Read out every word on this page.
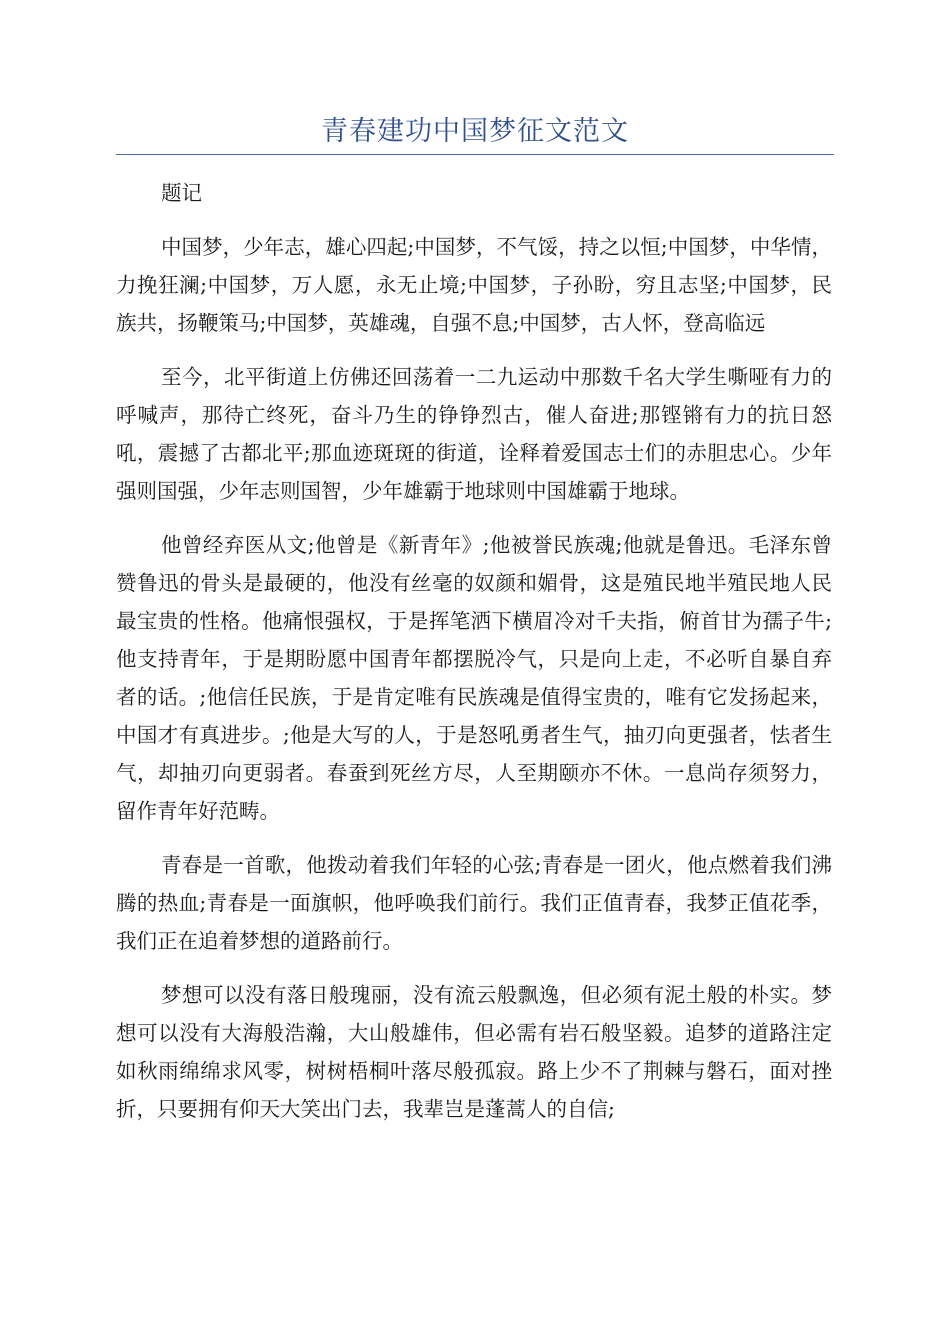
青春建功中国梦征文范文

题记

中国梦，少年志，雄心四起;中国梦，不气馁，持之以恒;中国梦，中华情，力挽狂澜;中国梦，万人愿，永无止境;中国梦，子孙盼，穷且志坚;中国梦，民族共，扬鞭策马;中国梦，英雄魂，自强不息;中国梦，古人怀，登高临远

至今，北平街道上仿佛还回荡着一二九运动中那数千名大学生嘶哑有力的呼喊声，那待亡终死，奋斗乃生的铮铮烈古，催人奋进;那铿锵有力的抗日怒吼，震撼了古都北平;那血迹斑斑的街道，诠释着爱国志士们的赤胆忠心。少年强则国强，少年志则国智，少年雄霸于地球则中国雄霸于地球。

他曾经弃医从文;他曾是《新青年》;他被誉民族魂;他就是鲁迅。毛泽东曾赞鲁迅的骨头是最硬的，他没有丝毫的奴颜和媚骨，这是殖民地半殖民地人民最宝贵的性格。他痛恨强权，于是挥笔洒下横眉冷对千夫指，俯首甘为孺子牛;他支持青年，于是期盼愿中国青年都摆脱冷气，只是向上走，不必听自暴自弃者的话。;他信任民族，于是肯定唯有民族魂是值得宝贵的，唯有它发扬起来，中国才有真进步。;他是大写的人，于是怒吼勇者生气，抽刃向更强者，怯者生气，却抽刃向更弱者。春蚕到死丝方尽，人至期颐亦不休。一息尚存须努力，留作青年好范畴。

青春是一首歌，他拨动着我们年轻的心弦;青春是一团火，他点燃着我们沸腾的热血;青春是一面旗帜，他呼唤我们前行。我们正值青春，我梦正值花季，我们正在追着梦想的道路前行。

梦想可以没有落日般瑰丽，没有流云般飘逸，但必须有泥土般的朴实。梦想可以没有大海般浩瀚，大山般雄伟，但必需有岩石般坚毅。追梦的道路注定如秋雨绵绵求风零，树树梧桐叶落尽般孤寂。路上少不了荆棘与磐石，面对挫折，只要拥有仰天大笑出门去，我辈岂是蓬蒿人的自信;
